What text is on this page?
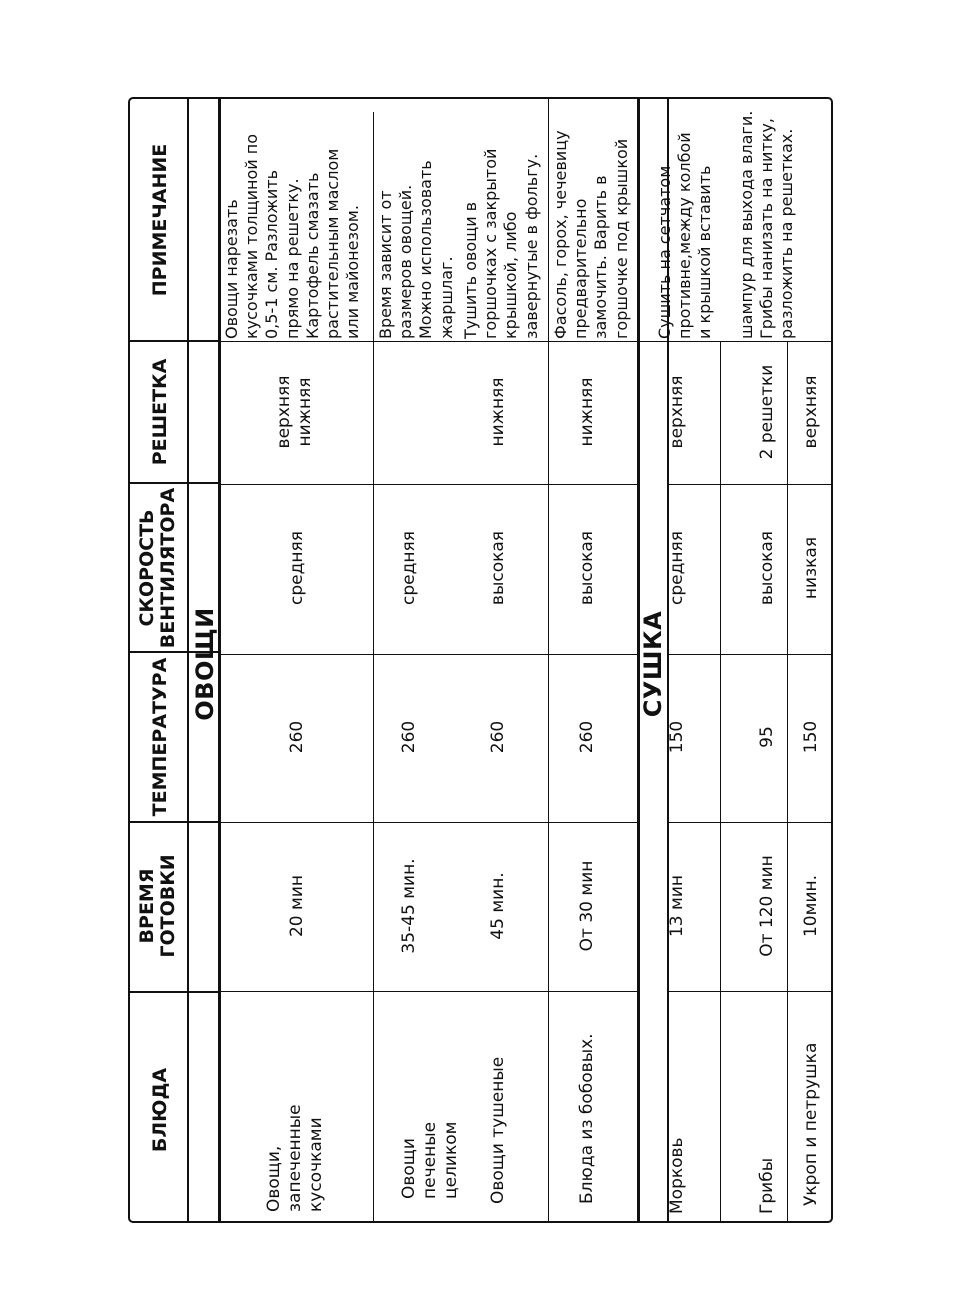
БЛЮДА
ВРЕМЯ ГОТОВКИ
ТЕМПЕРАТУРА
СКОРОСТЬ ВЕНТИЛЯТОРА
РЕШЕТКА
ПРИМЕЧАНИЕ
ОВОЩИ	СУШКА
Овощи, запеченные кусочками
20 мин
260
средняя
верхняя нижняя
Овощи нарезать кусочками толщиной по 0,5-1 см. Разложить прямо на решетку. Картофель смазать растительным маслом или майонезом.
Овощи печеные целиком
35-45 мин.
260
средняя
Время зависит от размеров овощей. Можно использовать жаршлаг.
Овощи тушеные
45 мин.
260
высокая
нижняя
Тушить овощи в горшочках с закрытой крышкой, либо завернутые в фольгу.
Блюда из бобовых.
От 30 мин
260
высокая
нижняя
Фасоль, горох, чечевицу предварительно замочить. Варить в горшочке под крышкой
Морковь
13 мин
150
средняя
верхняя
Сушить на сетчатом противне,между колбой и крышкой вставить
Грибы
От 120 мин
95
высокая
2 решетки
шампур для выхода влаги. Грибы нанизать на нитку, разложить на решетках.
Укроп и петрушка
10мин.
150
низкая
верхняя
